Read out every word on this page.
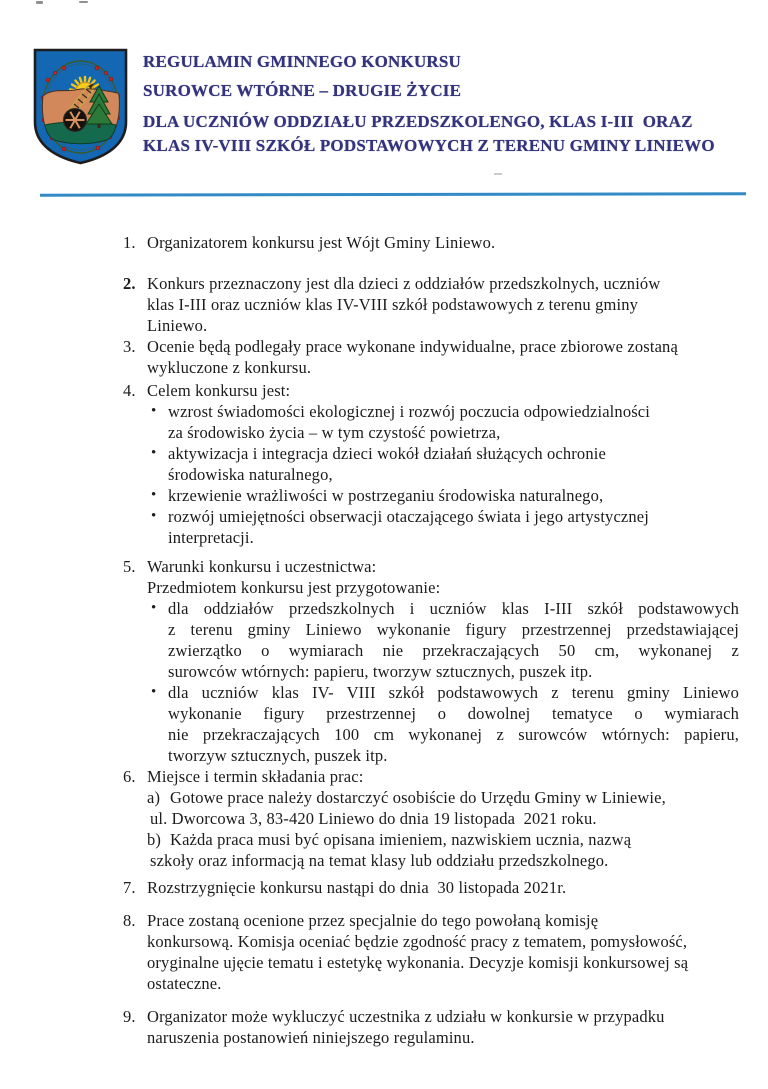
REGULAMIN GMINNEGO KONKURSU

SUROWCE WTÓRNE – DRUGIE ŻYCIE

DLA UCZNIÓW ODDZIAŁU PRZEDSZKOLENGO, KLAS I-III  ORAZ

KLAS IV-VIII SZKÓŁ PODSTAWOWYCH Z TERENU GMINY LINIEWO

1. Organizatorem konkursu jest Wójt Gminy Liniewo.
2. Konkurs przeznaczony jest dla dzieci z oddziałów przedszkolnych, uczniów
klas I-III oraz uczniów klas IV-VIII szkół podstawowych z terenu gminy
Liniewo.
3. Ocenie będą podlegały prace wykonane indywidualne, prace zbiorowe zostaną
wykluczone z konkursu.
4. Celem konkursu jest:
• wzrost świadomości ekologicznej i rozwój poczucia odpowiedzialności
za środowisko życia – w tym czystość powietrza,
• aktywizacja i integracja dzieci wokół działań służących ochronie
środowiska naturalnego,
• krzewienie wrażliwości w postrzeganiu środowiska naturalnego,
• rozwój umiejętności obserwacji otaczającego świata i jego artystycznej
interpretacji.
5. Warunki konkursu i uczestnictwa:
Przedmiotem konkursu jest przygotowanie:
• dla oddziałów przedszkolnych i uczniów klas I-III szkół podstawowych
z terenu gminy Liniewo wykonanie figury przestrzennej przedstawiającej
zwierzątko o wymiarach nie przekraczających 50 cm, wykonanej z
surowców wtórnych: papieru, tworzyw sztucznych, puszek itp.
• dla uczniów klas IV- VIII szkół podstawowych z terenu gminy Liniewo
wykonanie figury przestrzennej o dowolnej tematyce o wymiarach
nie przekraczających 100 cm wykonanej z surowców wtórnych: papieru,
tworzyw sztucznych, puszek itp.
6. Miejsce i termin składania prac:
a) Gotowe prace należy dostarczyć osobiście do Urzędu Gminy w Liniewie,
ul. Dworcowa 3, 83-420 Liniewo do dnia 19 listopada  2021 roku.
b) Każda praca musi być opisana imieniem, nazwiskiem ucznia, nazwą
szkoły oraz informacją na temat klasy lub oddziału przedszkolnego.
7. Rozstrzygnięcie konkursu nastąpi do dnia  30 listopada 2021r.
8. Prace zostaną ocenione przez specjalnie do tego powołaną komisję
konkursową. Komisja oceniać będzie zgodność pracy z tematem, pomysłowość,
oryginalne ujęcie tematu i estetykę wykonania. Decyzje komisji konkursowej są
ostateczne.
9. Organizator może wykluczyć uczestnika z udziału w konkursie w przypadku
naruszenia postanowień niniejszego regulaminu.
